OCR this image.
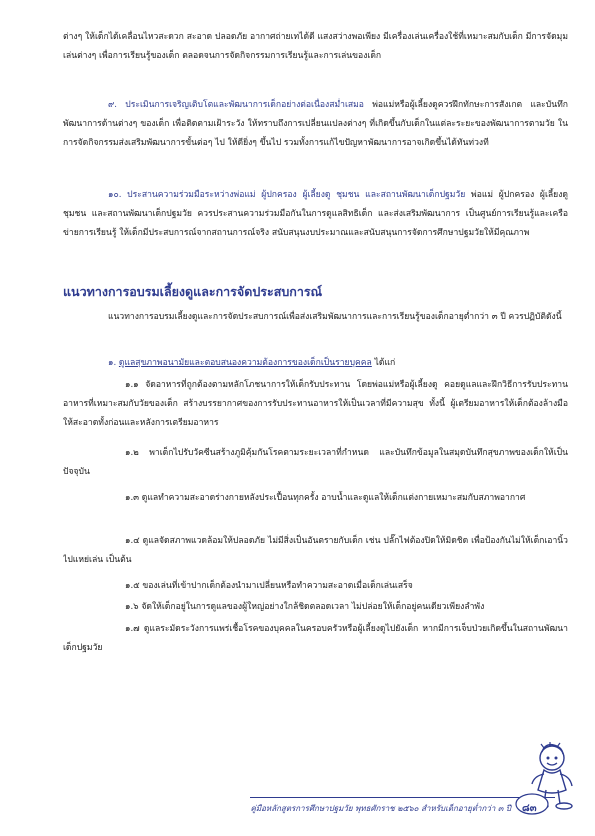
ต่างๆ ให้เด็กได้เคลื่อนไหวสะดวก สะอาด ปลอดภัย อากาศถ่ายเทได้ดี แสงสว่างพอเพียง มีเครื่องเล่นเครื่องใช้ที่เหมาะสมกับเด็ก มีการจัดมุมเล่นต่างๆ เพื่อการเรียนรู้ของเด็ก ตลอดจนการจัดกิจกรรมการเรียนรู้และการเล่นของเด็ก

๙. ประเมินการเจริญเติบโตและพัฒนาการเด็กอย่างต่อเนื่องสม่ำเสมอ พ่อแม่หรือผู้เลี้ยงดูควรฝึกทักษะการสังเกต และบันทึกพัฒนาการด้านต่างๆ ของเด็ก เพื่อติดตามเฝ้าระวัง ให้ทราบถึงการเปลี่ยนแปลงต่างๆ ที่เกิดขึ้นกับเด็กในแต่ละระยะของพัฒนาการตามวัย ในการจัดกิจกรรมส่งเสริมพัฒนาการขั้นต่อๆ ไป ให้ดียิ่งๆ ขึ้นไป รวมทั้งการแก้ไขปัญหาพัฒนาการอาจเกิดขึ้นได้ทันท่วงที

๑๐. ประสานความร่วมมือระหว่างพ่อแม่ ผู้ปกครอง ผู้เลี้ยงดู ชุมชน และสถานพัฒนาเด็กปฐมวัย พ่อแม่ ผู้ปกครอง ผู้เลี้ยงดู ชุมชน และสถานพัฒนาเด็กปฐมวัย ควรประสานความร่วมมือกันในการดูแลสิทธิเด็ก และส่งเสริมพัฒนาการ เป็นศูนย์การเรียนรู้และเครือข่ายการเรียนรู้ ให้เด็กมีประสบการณ์จากสถานการณ์จริง สนับสนุนงบประมาณและสนับสนุนการจัดการศึกษาปฐมวัยให้มีคุณภาพ

แนวทางการอบรมเลี้ยงดูและการจัดประสบการณ์

แนวทางการอบรมเลี้ยงดูและการจัดประสบการณ์เพื่อส่งเสริมพัฒนาการและการเรียนรู้ของเด็กอายุต่ำกว่า ๓ ปี ควรปฏิบัติดังนี้

๑. ดูแลสุขภาพอนามัยและตอบสนองความต้องการของเด็กเป็นรายบุคคล ได้แก่

๑.๑ จัดอาหารที่ถูกต้องตามหลักโภชนาการให้เด็กรับประทาน โดยพ่อแม่หรือผู้เลี้ยงดู คอยดูแลและฝึกวิธีการรับประทานอาหารที่เหมาะสมกับวัยของเด็ก สร้างบรรยากาศของการรับประทานอาหารให้เป็นเวลาที่มีความสุข ทั้งนี้ ผู้เตรียมอาหารให้เด็กต้องล้างมือให้สะอาดทั้งก่อนและหลังการเตรียมอาหาร

๑.๒ พาเด็กไปรับวัคซีนสร้างภูมิคุ้มกันโรคตามระยะเวลาที่กำหนด และบันทึกข้อมูลในสมุดบันทึกสุขภาพของเด็กให้เป็นปัจจุบัน

๑.๓ ดูแลทำความสะอาดร่างกายหลังประเปื้อนทุกครั้ง อาบน้ำและดูแลให้เด็กแต่งกายเหมาะสมกับสภาพอากาศ

๑.๔ ดูแลจัดสภาพแวดล้อมให้ปลอดภัย ไม่มีสิ่งเป็นอันตรายกับเด็ก เช่น ปลั๊กไฟต้องปิดให้มิดชิด เพื่อป้องกันไม่ให้เด็กเอานิ้วไปแหย่เล่น เป็นต้น

๑.๕ ของเล่นที่เข้าปากเด็กต้องนำมาเปลี่ยนหรือทำความสะอาดเมื่อเด็กเล่นเสร็จ

๑.๖ จัดให้เด็กอยู่ในการดูแลของผู้ใหญ่อย่างใกล้ชิดตลอดเวลา ไม่ปล่อยให้เด็กอยู่คนเดียวเพียงลำพัง

๑.๗ ดูแลระมัดระวังการแพร่เชื้อโรคของบุคคลในครอบครัวหรือผู้เลี้ยงดูไปยังเด็ก หากมีการเจ็บป่วยเกิดขึ้นในสถานพัฒนาเด็กปฐมวัย

คู่มือหลักสูตรการศึกษาปฐมวัย พุทธศักราช ๒๕๖๐ สำหรับเด็กอายุต่ำกว่า ๓ ปี	๘๓
